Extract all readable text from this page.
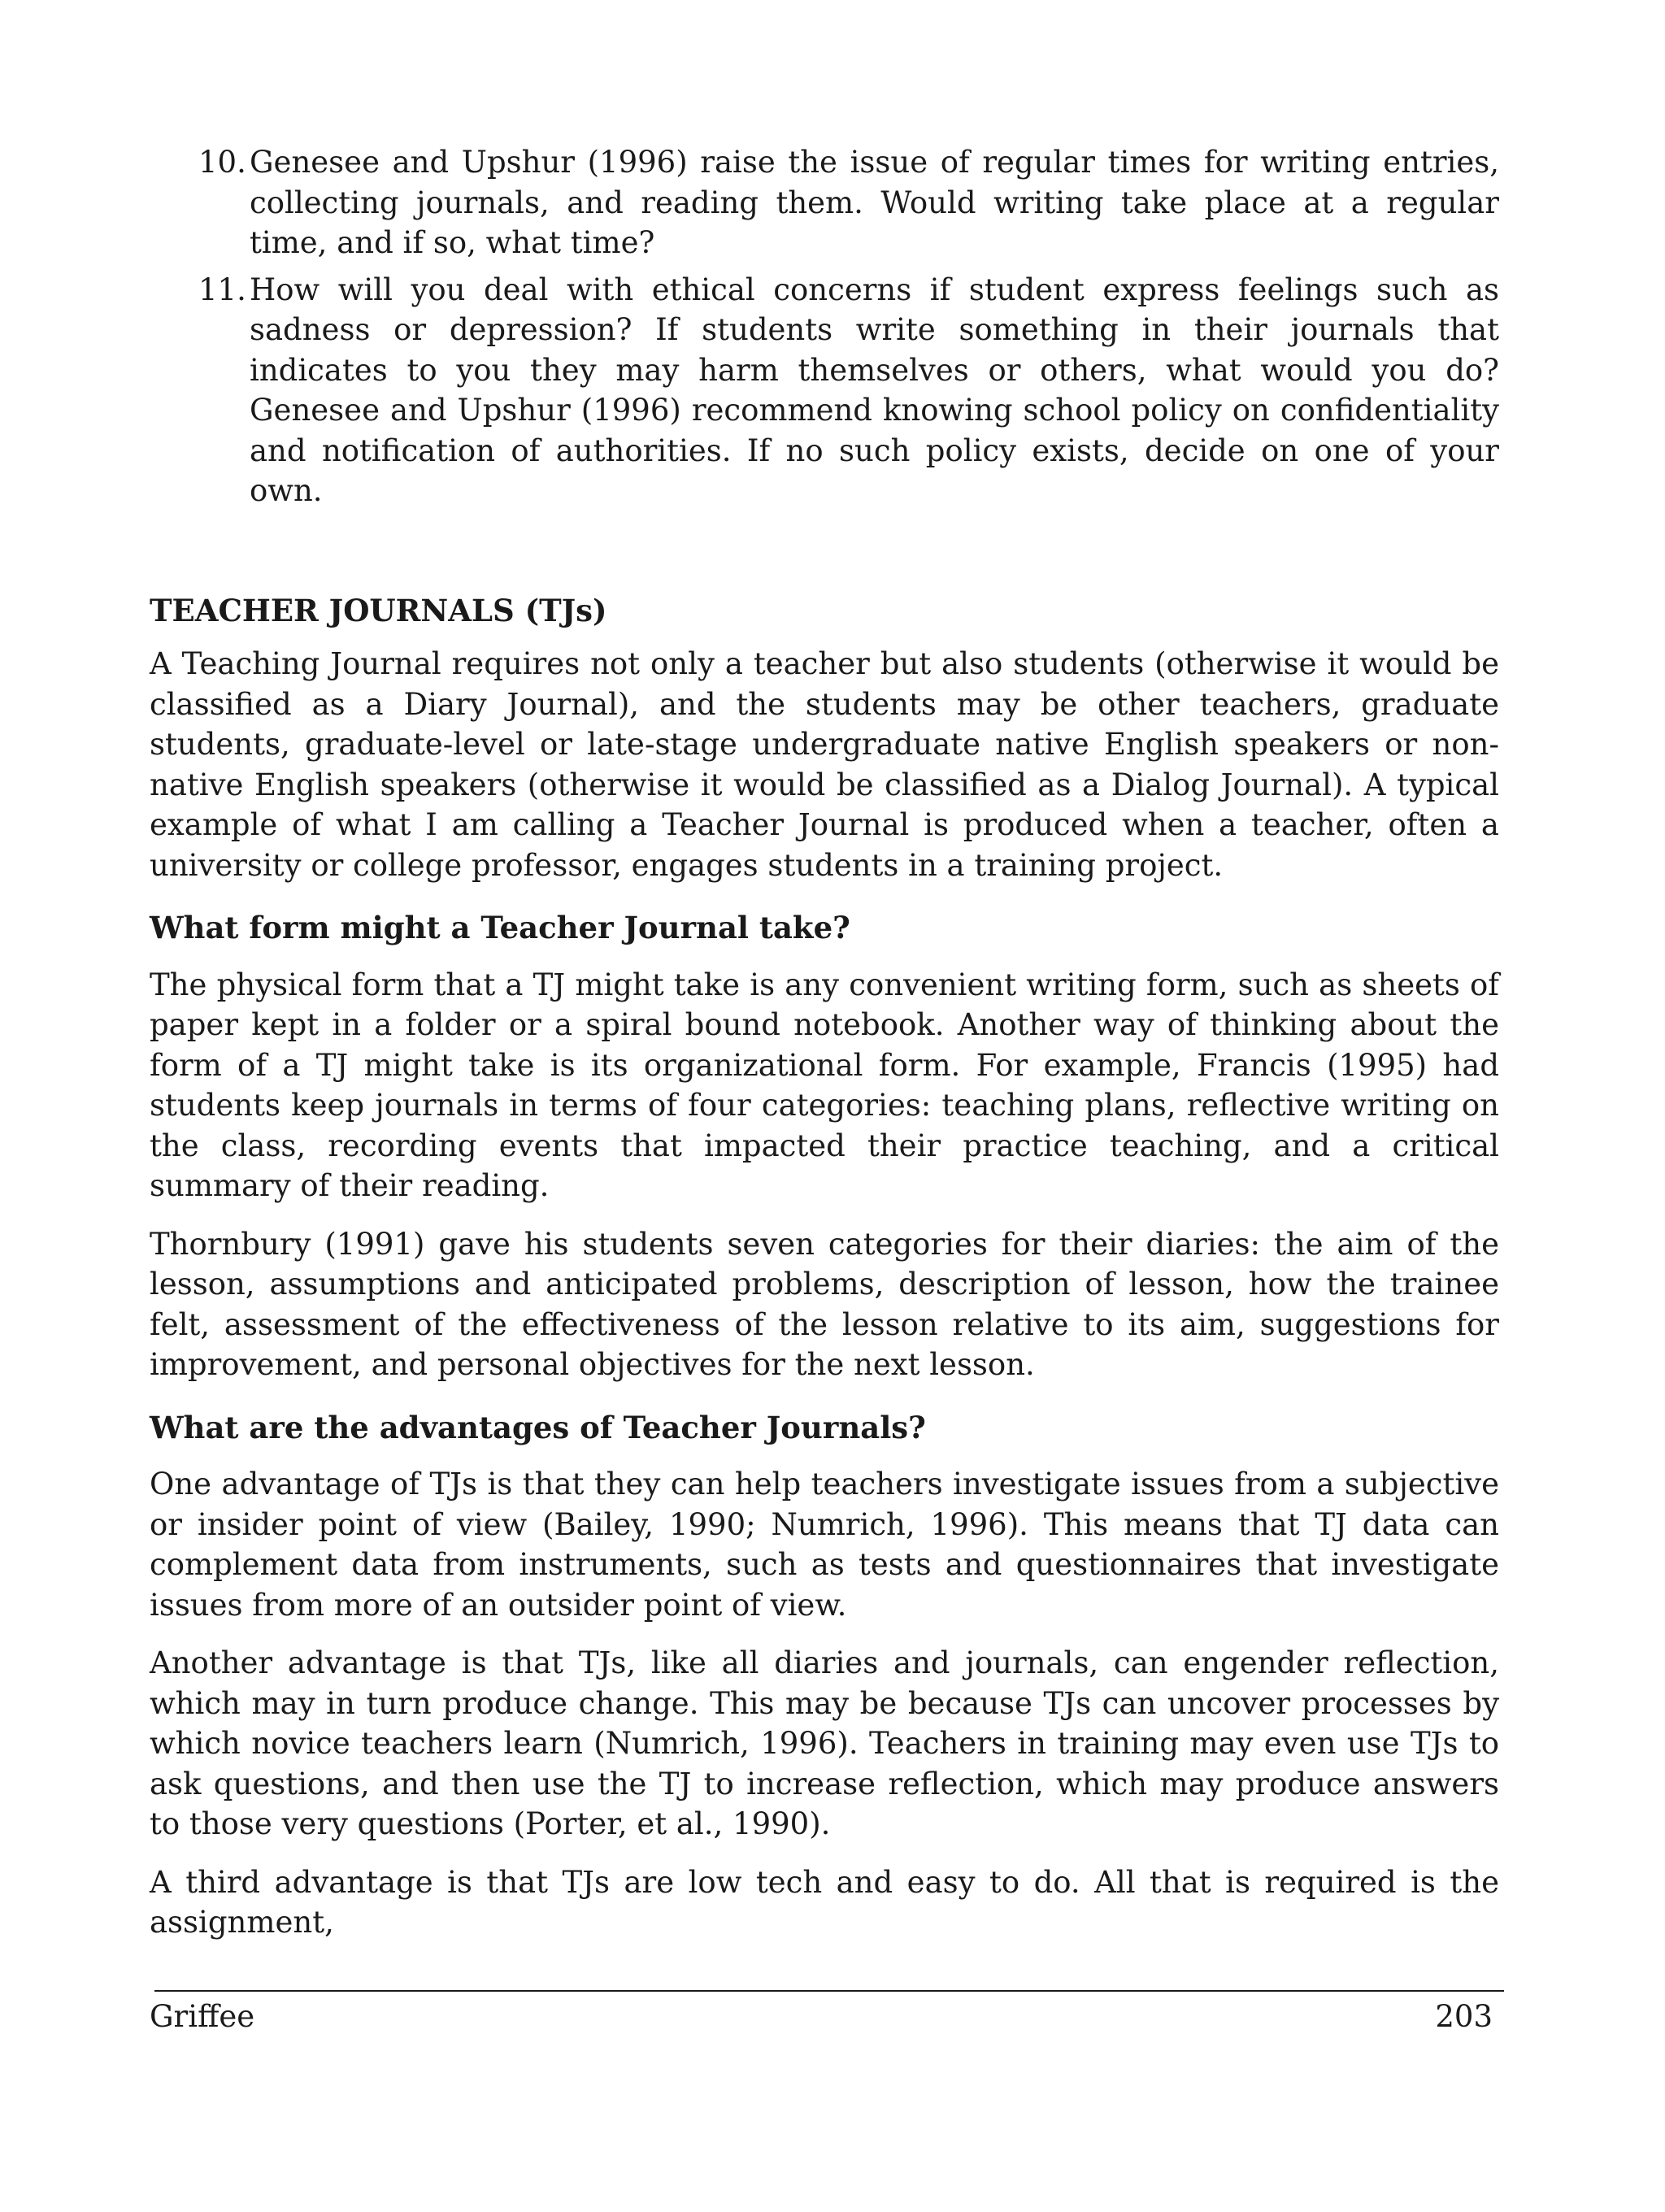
10. Genesee and Upshur (1996) raise the issue of regular times for writing entries, collecting journals, and reading them. Would writing take place at a regular time, and if so, what time?
11. How will you deal with ethical concerns if student express feelings such as sadness or depression? If students write something in their journals that indicates to you they may harm themselves or others, what would you do? Genesee and Upshur (1996) recommend knowing school policy on confidentiality and notification of authorities. If no such policy exists, decide on one of your own.
TEACHER JOURNALS (TJs)

A Teaching Journal requires not only a teacher but also students (otherwise it would be classified as a Diary Journal), and the students may be other teachers, graduate students, graduate-level or late-stage undergraduate native English speakers or non-native English speakers (otherwise it would be classified as a Dialog Journal). A typical example of what I am calling a Teacher Journal is produced when a teacher, often a university or college professor, engages students in a training project.

What form might a Teacher Journal take?

The physical form that a TJ might take is any convenient writing form, such as sheets of paper kept in a folder or a spiral bound notebook. Another way of thinking about the form of a TJ might take is its organizational form. For example, Francis (1995) had students keep journals in terms of four categories: teaching plans, reflective writing on the class, recording events that impacted their practice teaching, and a critical summary of their reading.

Thornbury (1991) gave his students seven categories for their diaries: the aim of the lesson, assumptions and anticipated problems, description of lesson, how the trainee felt, assessment of the effectiveness of the lesson relative to its aim, suggestions for improvement, and personal objectives for the next lesson.

What are the advantages of Teacher Journals?

One advantage of TJs is that they can help teachers investigate issues from a subjective or insider point of view (Bailey, 1990; Numrich, 1996). This means that TJ data can complement data from instruments, such as tests and questionnaires that investigate issues from more of an outsider point of view.

Another advantage is that TJs, like all diaries and journals, can engender reflection, which may in turn produce change. This may be because TJs can uncover processes by which novice teachers learn (Numrich, 1996). Teachers in training may even use TJs to ask questions, and then use the TJ to increase reflection, which may produce answers to those very questions (Porter, et al., 1990).

A third advantage is that TJs are low tech and easy to do. All that is required is the assignment,

Griffee	203
